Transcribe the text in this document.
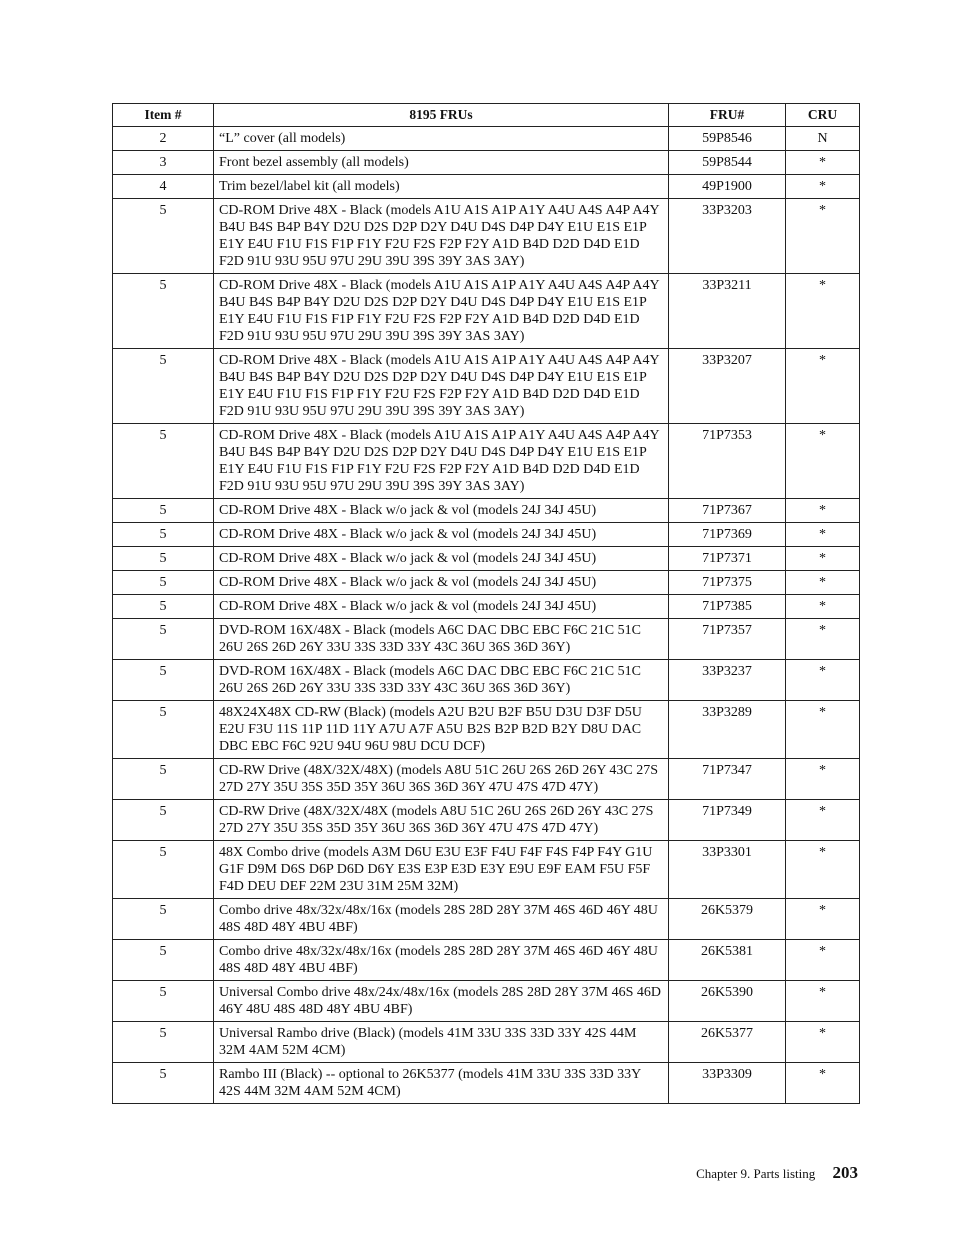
Item #	8195 FRUs	FRU#	CRU
2	“L” cover (all models)	59P8546	N
3	Front bezel assembly (all models)	59P8544	*
4	Trim bezel/label kit (all models)	49P1900	*
5	CD-ROM Drive 48X - Black (models A1U A1S A1P A1Y A4U A4S A4P A4Y B4U B4S B4P B4Y D2U D2S D2P D2Y D4U D4S D4P D4Y E1U E1S E1P E1Y E4U F1U F1S F1P F1Y F2U F2S F2P F2Y A1D B4D D2D D4D E1D F2D 91U 93U 95U 97U 29U 39U 39S 39Y 3AS 3AY)	33P3203	*
5	CD-ROM Drive 48X - Black (models A1U A1S A1P A1Y A4U A4S A4P A4Y B4U B4S B4P B4Y D2U D2S D2P D2Y D4U D4S D4P D4Y E1U E1S E1P E1Y E4U F1U F1S F1P F1Y F2U F2S F2P F2Y A1D B4D D2D D4D E1D F2D 91U 93U 95U 97U 29U 39U 39S 39Y 3AS 3AY)	33P3211	*
5	CD-ROM Drive 48X - Black (models A1U A1S A1P A1Y A4U A4S A4P A4Y B4U B4S B4P B4Y D2U D2S D2P D2Y D4U D4S D4P D4Y E1U E1S E1P E1Y E4U F1U F1S F1P F1Y F2U F2S F2P F2Y A1D B4D D2D D4D E1D F2D 91U 93U 95U 97U 29U 39U 39S 39Y 3AS 3AY)	33P3207	*
5	CD-ROM Drive 48X - Black (models A1U A1S A1P A1Y A4U A4S A4P A4Y B4U B4S B4P B4Y D2U D2S D2P D2Y D4U D4S D4P D4Y E1U E1S E1P E1Y E4U F1U F1S F1P F1Y F2U F2S F2P F2Y A1D B4D D2D D4D E1D F2D 91U 93U 95U 97U 29U 39U 39S 39Y 3AS 3AY)	71P7353	*
5	CD-ROM Drive 48X - Black w/o jack & vol (models 24J 34J 45U)	71P7367	*
5	CD-ROM Drive 48X - Black w/o jack & vol (models 24J 34J 45U)	71P7369	*
5	CD-ROM Drive 48X - Black w/o jack & vol (models 24J 34J 45U)	71P7371	*
5	CD-ROM Drive 48X - Black w/o jack & vol (models 24J 34J 45U)	71P7375	*
5	CD-ROM Drive 48X - Black w/o jack & vol (models 24J 34J 45U)	71P7385	*
5	DVD-ROM 16X/48X - Black (models A6C DAC DBC EBC F6C 21C 51C 26U 26S 26D 26Y 33U 33S 33D 33Y 43C 36U 36S 36D 36Y)	71P7357	*
5	DVD-ROM 16X/48X - Black (models A6C DAC DBC EBC F6C 21C 51C 26U 26S 26D 26Y 33U 33S 33D 33Y 43C 36U 36S 36D 36Y)	33P3237	*
5	48X24X48X CD-RW (Black) (models A2U B2U B2F B5U D3U D3F D5U E2U F3U 11S 11P 11D 11Y A7U A7F A5U B2S B2P B2D B2Y D8U DAC DBC EBC F6C 92U 94U 96U 98U DCU DCF)	33P3289	*
5	CD-RW Drive (48X/32X/48X) (models A8U 51C 26U 26S 26D 26Y 43C 27S 27D 27Y 35U 35S 35D 35Y 36U 36S 36D 36Y 47U 47S 47D 47Y)	71P7347	*
5	CD-RW Drive (48X/32X/48X (models A8U 51C 26U 26S 26D 26Y 43C 27S 27D 27Y 35U 35S 35D 35Y 36U 36S 36D 36Y 47U 47S 47D 47Y)	71P7349	*
5	48X Combo drive (models A3M D6U E3U E3F F4U F4F F4S F4P F4Y G1U G1F D9M D6S D6P D6D D6Y E3S E3P E3D E3Y E9U E9F EAM F5U F5F F4D DEU DEF 22M 23U 31M 25M 32M)	33P3301	*
5	Combo drive 48x/32x/48x/16x (models 28S 28D 28Y 37M 46S 46D 46Y 48U 48S 48D 48Y 4BU 4BF)	26K5379	*
5	Combo drive 48x/32x/48x/16x (models 28S 28D 28Y 37M 46S 46D 46Y 48U 48S 48D 48Y 4BU 4BF)	26K5381	*
5	Universal Combo drive 48x/24x/48x/16x (models 28S 28D 28Y 37M 46S 46D 46Y 48U 48S 48D 48Y 4BU 4BF)	26K5390	*
5	Universal Rambo drive (Black) (models 41M 33U 33S 33D 33Y 42S 44M 32M 4AM 52M 4CM)	26K5377	*
5	Rambo III (Black) -- optional to 26K5377 (models 41M 33U 33S 33D 33Y 42S 44M 32M 4AM 52M 4CM)	33P3309	*
Chapter 9. Parts listing 203
